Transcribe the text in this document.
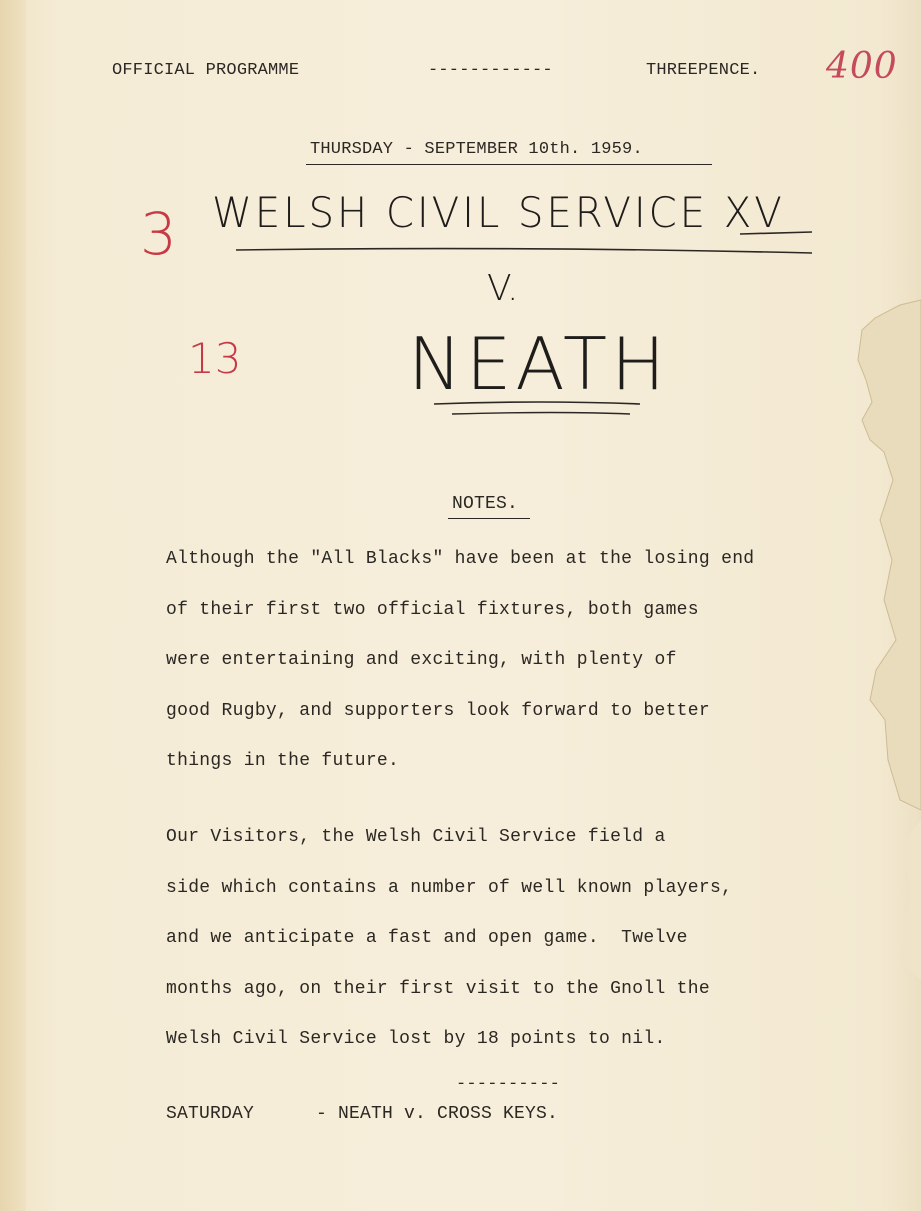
OFFICIAL PROGRAMME	------------	THREEPENCE. 400
THURSDAY - SEPTEMBER 10th. 1959.
3 WELSH CIVIL SERVICE XV
V.
13 NEATH
NOTES.
Although the "All Blacks" have been at the losing end
of their first two official fixtures, both games
were entertaining and exciting, with plenty of
good Rugby, and supporters look forward to better
things in the future.
Our Visitors, the Welsh Civil Service field a
side which contains a number of well known players,
and we anticipate a fast and open game.  Twelve
months ago, on their first visit to the Gnoll the
Welsh Civil Service lost by 18 points to nil.
----------
SATURDAY	- NEATH v. CROSS KEYS.
